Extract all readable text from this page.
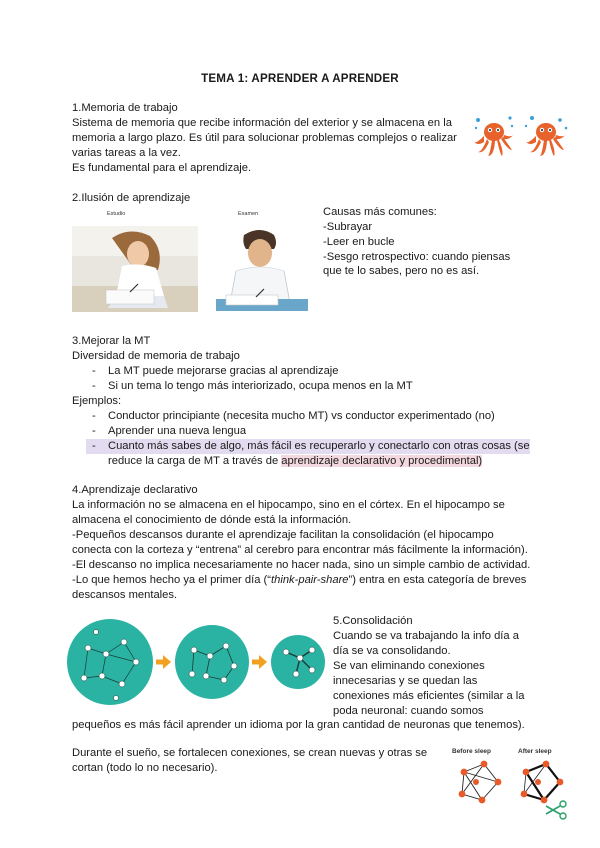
TEMA 1: APRENDER A APRENDER
1.Memoria de trabajo
Sistema de memoria que recibe información del exterior y se almacena en la
memoria a largo plazo. Es útil para solucionar problemas complejos o realizar
varias tareas a la vez.
Es fundamental para el aprendizaje.
2.Ilusión de aprendizaje
Estudio	Examen	Causas más comunes:
-Subrayar
-Leer en bucle
-Sesgo retrospectivo: cuando piensas
que te lo sabes, pero no es así.
3.Mejorar la MT
Diversidad de memoria de trabajo
- La MT puede mejorarse gracias al aprendizaje
- Si un tema lo tengo más interiorizado, ocupa menos en la MT
Ejemplos:
- Conductor principiante (necesita mucho MT) vs conductor experimentado (no)
- Aprender una nueva lengua
- Cuanto más sabes de algo, más fácil es recuperarlo y conectarlo con otras cosas (se
reduce la carga de MT a través de aprendizaje declarativo y procedimental)
4.Aprendizaje declarativo
La información no se almacena en el hipocampo, sino en el córtex. En el hipocampo se
almacena el conocimiento de dónde está la información.
-Pequeños descansos durante el aprendizaje facilitan la consolidación (el hipocampo
conecta con la corteza y “entrena” al cerebro para encontrar más fácilmente la información).
-El descanso no implica necesariamente no hacer nada, sino un simple cambio de actividad.
-Lo que hemos hecho ya el primer día (“think-pair-share”) entra en esta categoría de breves
descansos mentales.
5.Consolidación
Cuando se va trabajando la info día a
día se va consolidando.
Se van eliminando conexiones
innecesarias y se quedan las
conexiones más eficientes (similar a la
poda neuronal: cuando somos
pequeños es más fácil aprender un idioma por la gran cantidad de neuronas que tenemos).
Durante el sueño, se fortalecen conexiones, se crean nuevas y otras se
cortan (todo lo no necesario).
Before sleep	After sleep
